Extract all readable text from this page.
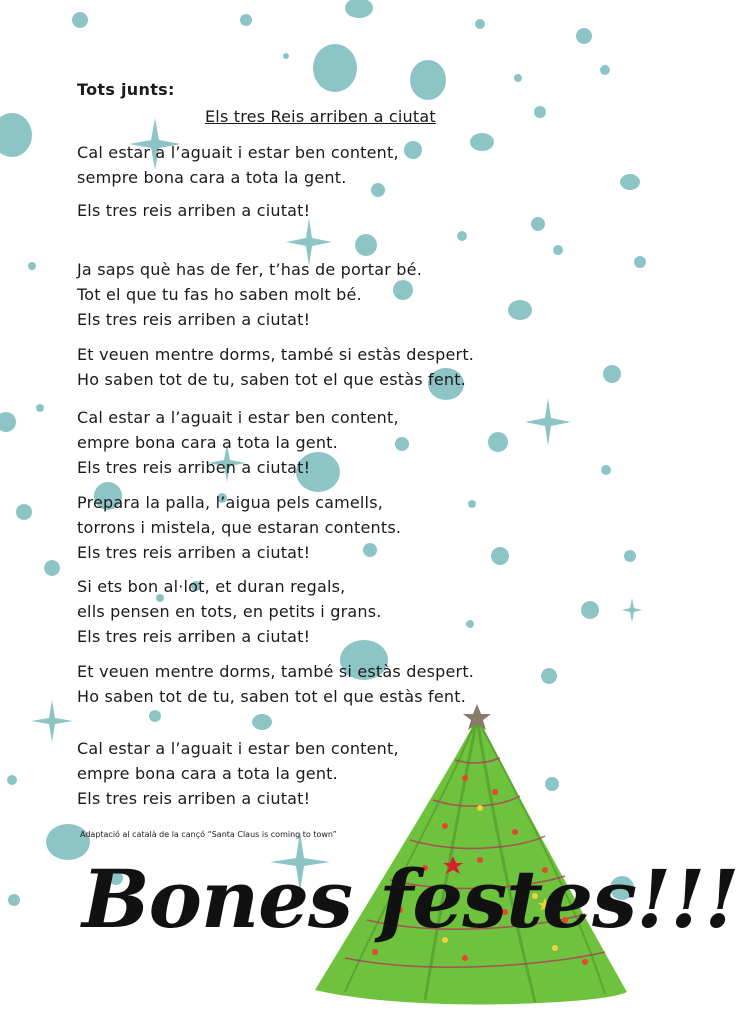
Tots junts:
Els tres Reis arriben a ciutat
Cal estar a l’aguait i estar ben content,
sempre bona cara a tota la gent.
Els tres reis arriben a ciutat!
Ja saps què has de fer, t’has de portar bé.
Tot el que tu fas ho saben molt bé.
Els tres reis arriben a ciutat!
Et veuen mentre dorms, també si estàs despert.
Ho saben tot de tu, saben tot el que estàs fent.
Cal estar a l’aguait i estar ben content,
empre bona cara a tota la gent.
Els tres reis arriben a ciutat!
Prepara la palla, l’aigua pels camells,
torrons i mistela, que estaran contents.
Els tres reis arriben a ciutat!
Si ets bon al·lot, et duran regals,
ells pensen en tots, en petits i grans.
Els tres reis arriben a ciutat!
Et veuen mentre dorms, també si estàs despert.
Ho saben tot de tu, saben tot el que estàs fent.
Cal estar a l’aguait i estar ben content,
empre bona cara a tota la gent.
Els tres reis arriben a ciutat!
Adaptació al català de la cançó “Santa Claus is coming to town”
Bones festes!!!
